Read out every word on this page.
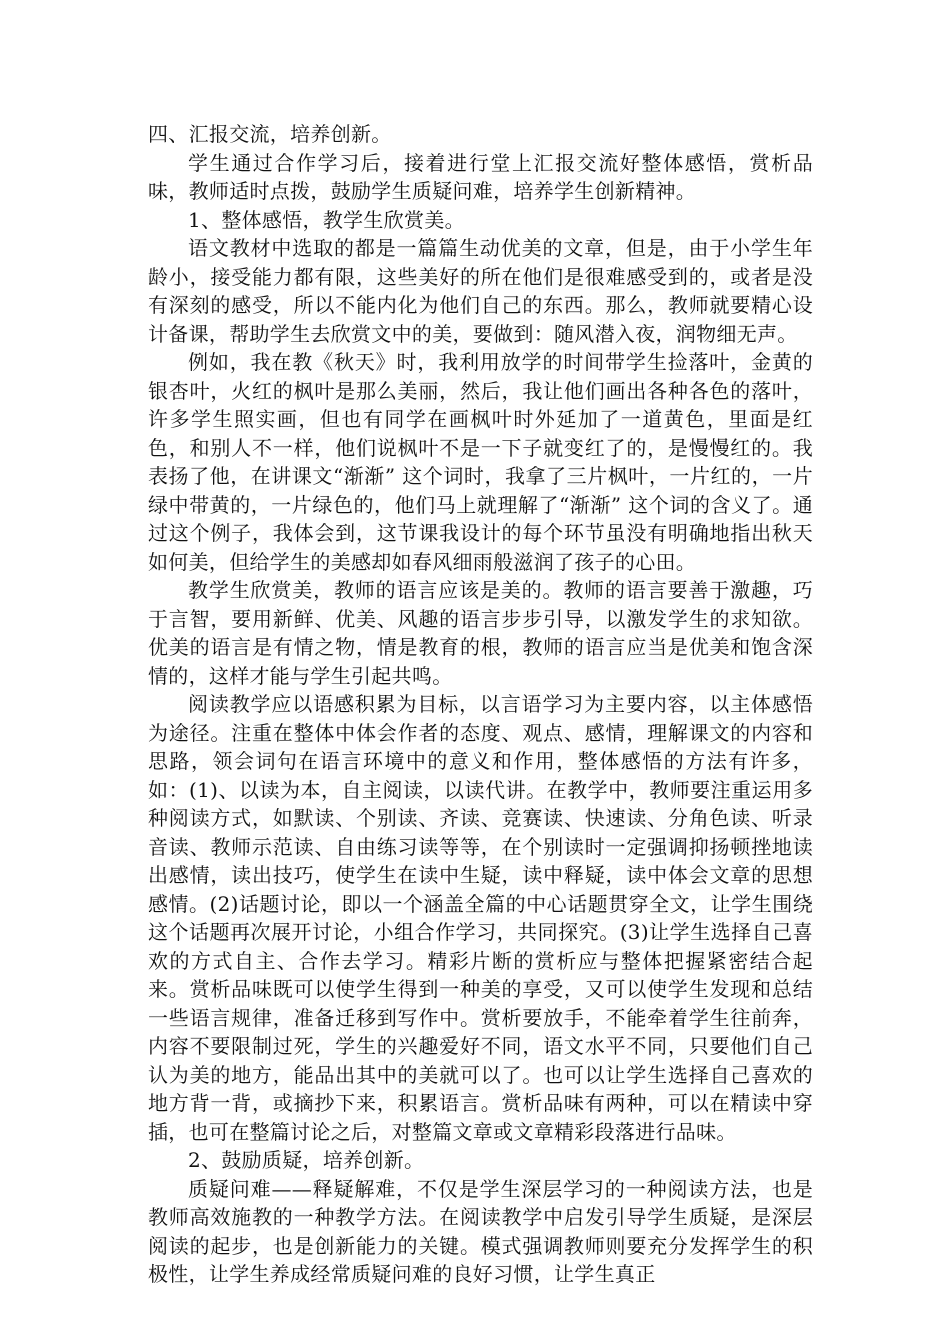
四、汇报交流，培养创新。

学生通过合作学习后，接着进行堂上汇报交流好整体感悟，赏析品味，教师适时点拨，鼓励学生质疑问难，培养学生创新精神。

1、整体感悟，教学生欣赏美。

语文教材中选取的都是一篇篇生动优美的文章，但是，由于小学生年龄小，接受能力都有限，这些美好的所在他们是很难感受到的，或者是没有深刻的感受，所以不能内化为他们自己的东西。那么，教师就要精心设计备课，帮助学生去欣赏文中的美，要做到：随风潜入夜，润物细无声。

例如，我在教《秋天》时，我利用放学的时间带学生捡落叶，金黄的银杏叶，火红的枫叶是那么美丽，然后，我让他们画出各种各色的落叶，许多学生照实画，但也有同学在画枫叶时外延加了一道黄色，里面是红色，和别人不一样，他们说枫叶不是一下子就变红了的，是慢慢红的。我表扬了他，在讲课文“渐渐” 这个词时，我拿了三片枫叶，一片红的，一片绿中带黄的，一片绿色的，他们马上就理解了“渐渐” 这个词的含义了。通过这个例子，我体会到，这节课我设计的每个环节虽没有明确地指出秋天如何美，但给学生的美感却如春风细雨般滋润了孩子的心田。

教学生欣赏美，教师的语言应该是美的。教师的语言要善于激趣，巧于言智，要用新鲜、优美、风趣的语言步步引导，以激发学生的求知欲。优美的语言是有情之物，情是教育的根，教师的语言应当是优美和饱含深情的，这样才能与学生引起共鸣。

阅读教学应以语感积累为目标，以言语学习为主要内容，以主体感悟为途径。注重在整体中体会作者的态度、观点、感情，理解课文的内容和思路，领会词句在语言环境中的意义和作用，整体感悟的方法有许多，如：(1)、以读为本，自主阅读，以读代讲。在教学中，教师要注重运用多种阅读方式，如默读、个别读、齐读、竞赛读、快速读、分角色读、听录音读、教师示范读、自由练习读等等，在个别读时一定强调抑扬顿挫地读出感情，读出技巧，使学生在读中生疑，读中释疑，读中体会文章的思想感情。(2)话题讨论，即以一个涵盖全篇的中心话题贯穿全文，让学生围绕这个话题再次展开讨论，小组合作学习，共同探究。(3)让学生选择自己喜欢的方式自主、合作去学习。精彩片断的赏析应与整体把握紧密结合起来。赏析品味既可以使学生得到一种美的享受，又可以使学生发现和总结一些语言规律，准备迁移到写作中。赏析要放手，不能牵着学生往前奔，内容不要限制过死，学生的兴趣爱好不同，语文水平不同，只要他们自己认为美的地方，能品出其中的美就可以了。也可以让学生选择自己喜欢的地方背一背，或摘抄下来，积累语言。赏析品味有两种，可以在精读中穿插，也可在整篇讨论之后，对整篇文章或文章精彩段落进行品味。

2、鼓励质疑，培养创新。

质疑问难——释疑解难，不仅是学生深层学习的一种阅读方法，也是教师高效施教的一种教学方法。在阅读教学中启发引导学生质疑，是深层阅读的起步，也是创新能力的关键。模式强调教师则要充分发挥学生的积极性，让学生养成经常质疑问难的良好习惯，让学生真正
